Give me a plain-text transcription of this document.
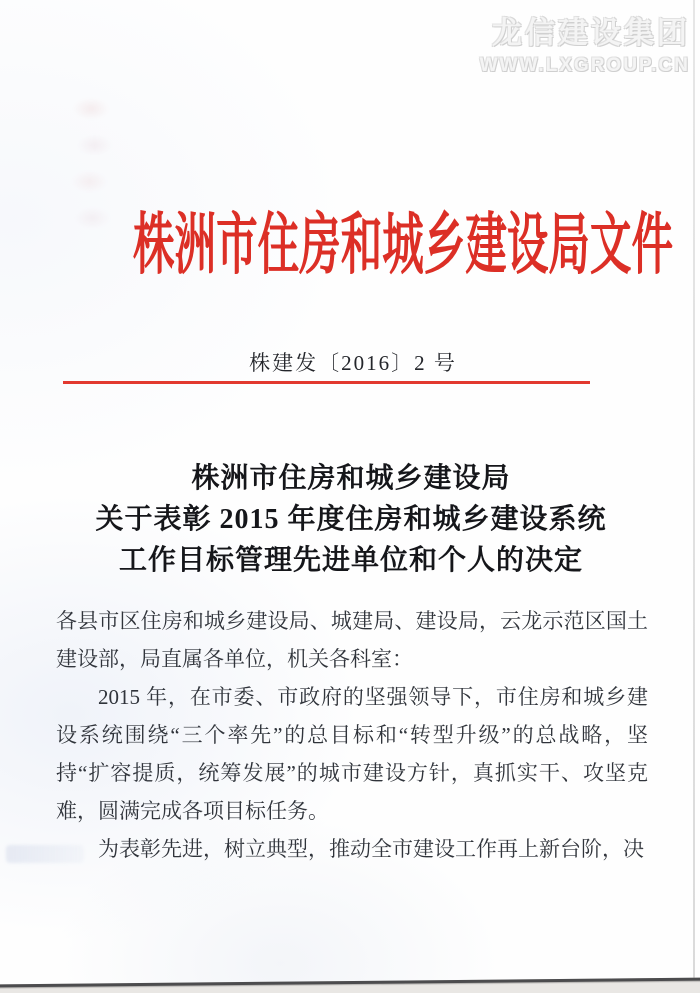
龙信建设集团
WWW.LXGROUP.CN
株洲市住房和城乡建设局文件
株建发〔2016〕2 号
株洲市住房和城乡建设局
关于表彰 2015 年度住房和城乡建设系统
工作目标管理先进单位和个人的决定

各县市区住房和城乡建设局、城建局、建设局，云龙示范区国土建设部，局直属各单位，机关各科室：

2015 年，在市委、市政府的坚强领导下，市住房和城乡建设系统围绕“三个率先”的总目标和“转型升级”的总战略，坚持“扩容提质，统筹发展”的城市建设方针，真抓实干、攻坚克难，圆满完成各项目标任务。

为表彰先进，树立典型，推动全市建设工作再上新台阶，决
